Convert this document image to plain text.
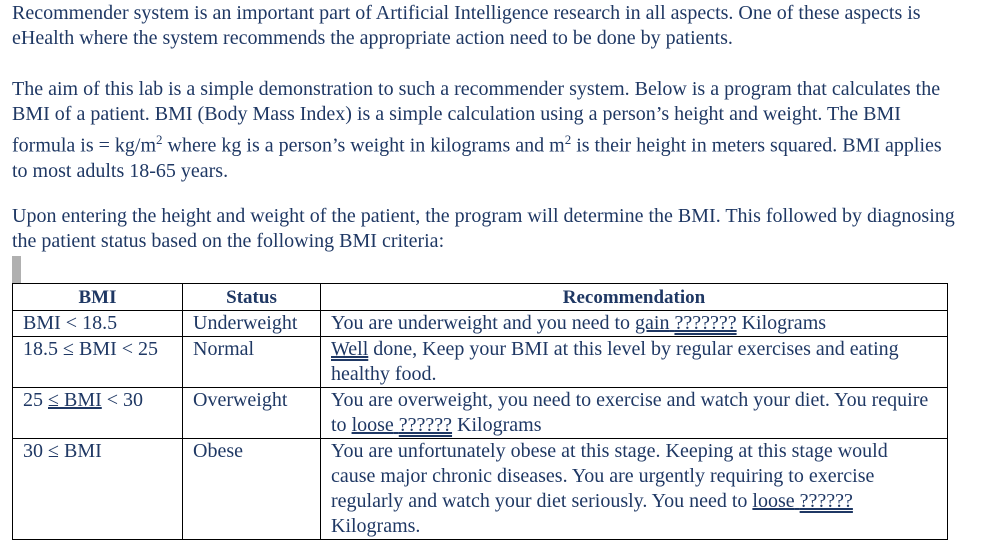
Recommender system is an important part of Artificial Intelligence research in all aspects. One of these aspects is eHealth where the system recommends the appropriate action need to be done by patients.

The aim of this lab is a simple demonstration to such a recommender system. Below is a program that calculates the BMI of a patient. BMI (Body Mass Index) is a simple calculation using a person’s height and weight. The BMI formula is = $kg/m^2$ where kg is a person’s weight in kilograms and $m^2$ is their height in meters squared. BMI applies to most adults 18-65 years.

Upon entering the height and weight of the patient, the program will determine the BMI. This followed by diagnosing the patient status based on the following BMI criteria:

BMI	Status	Recommendation
BMI < 18.5	Underweight	You are underweight and you need to gain ??????? Kilograms
18.5 ≤ BMI < 25	Normal	Well done, Keep your BMI at this level by regular exercises and eating healthy food.
25 ≤ BMI < 30	Overweight	You are overweight, you need to exercise and watch your diet. You require to loose ?????? Kilograms
30 ≤ BMI	Obese	You are unfortunately obese at this stage. Keeping at this stage would cause major chronic diseases. You are urgently requiring to exercise regularly and watch your diet seriously. You need to loose ?????? Kilograms.
